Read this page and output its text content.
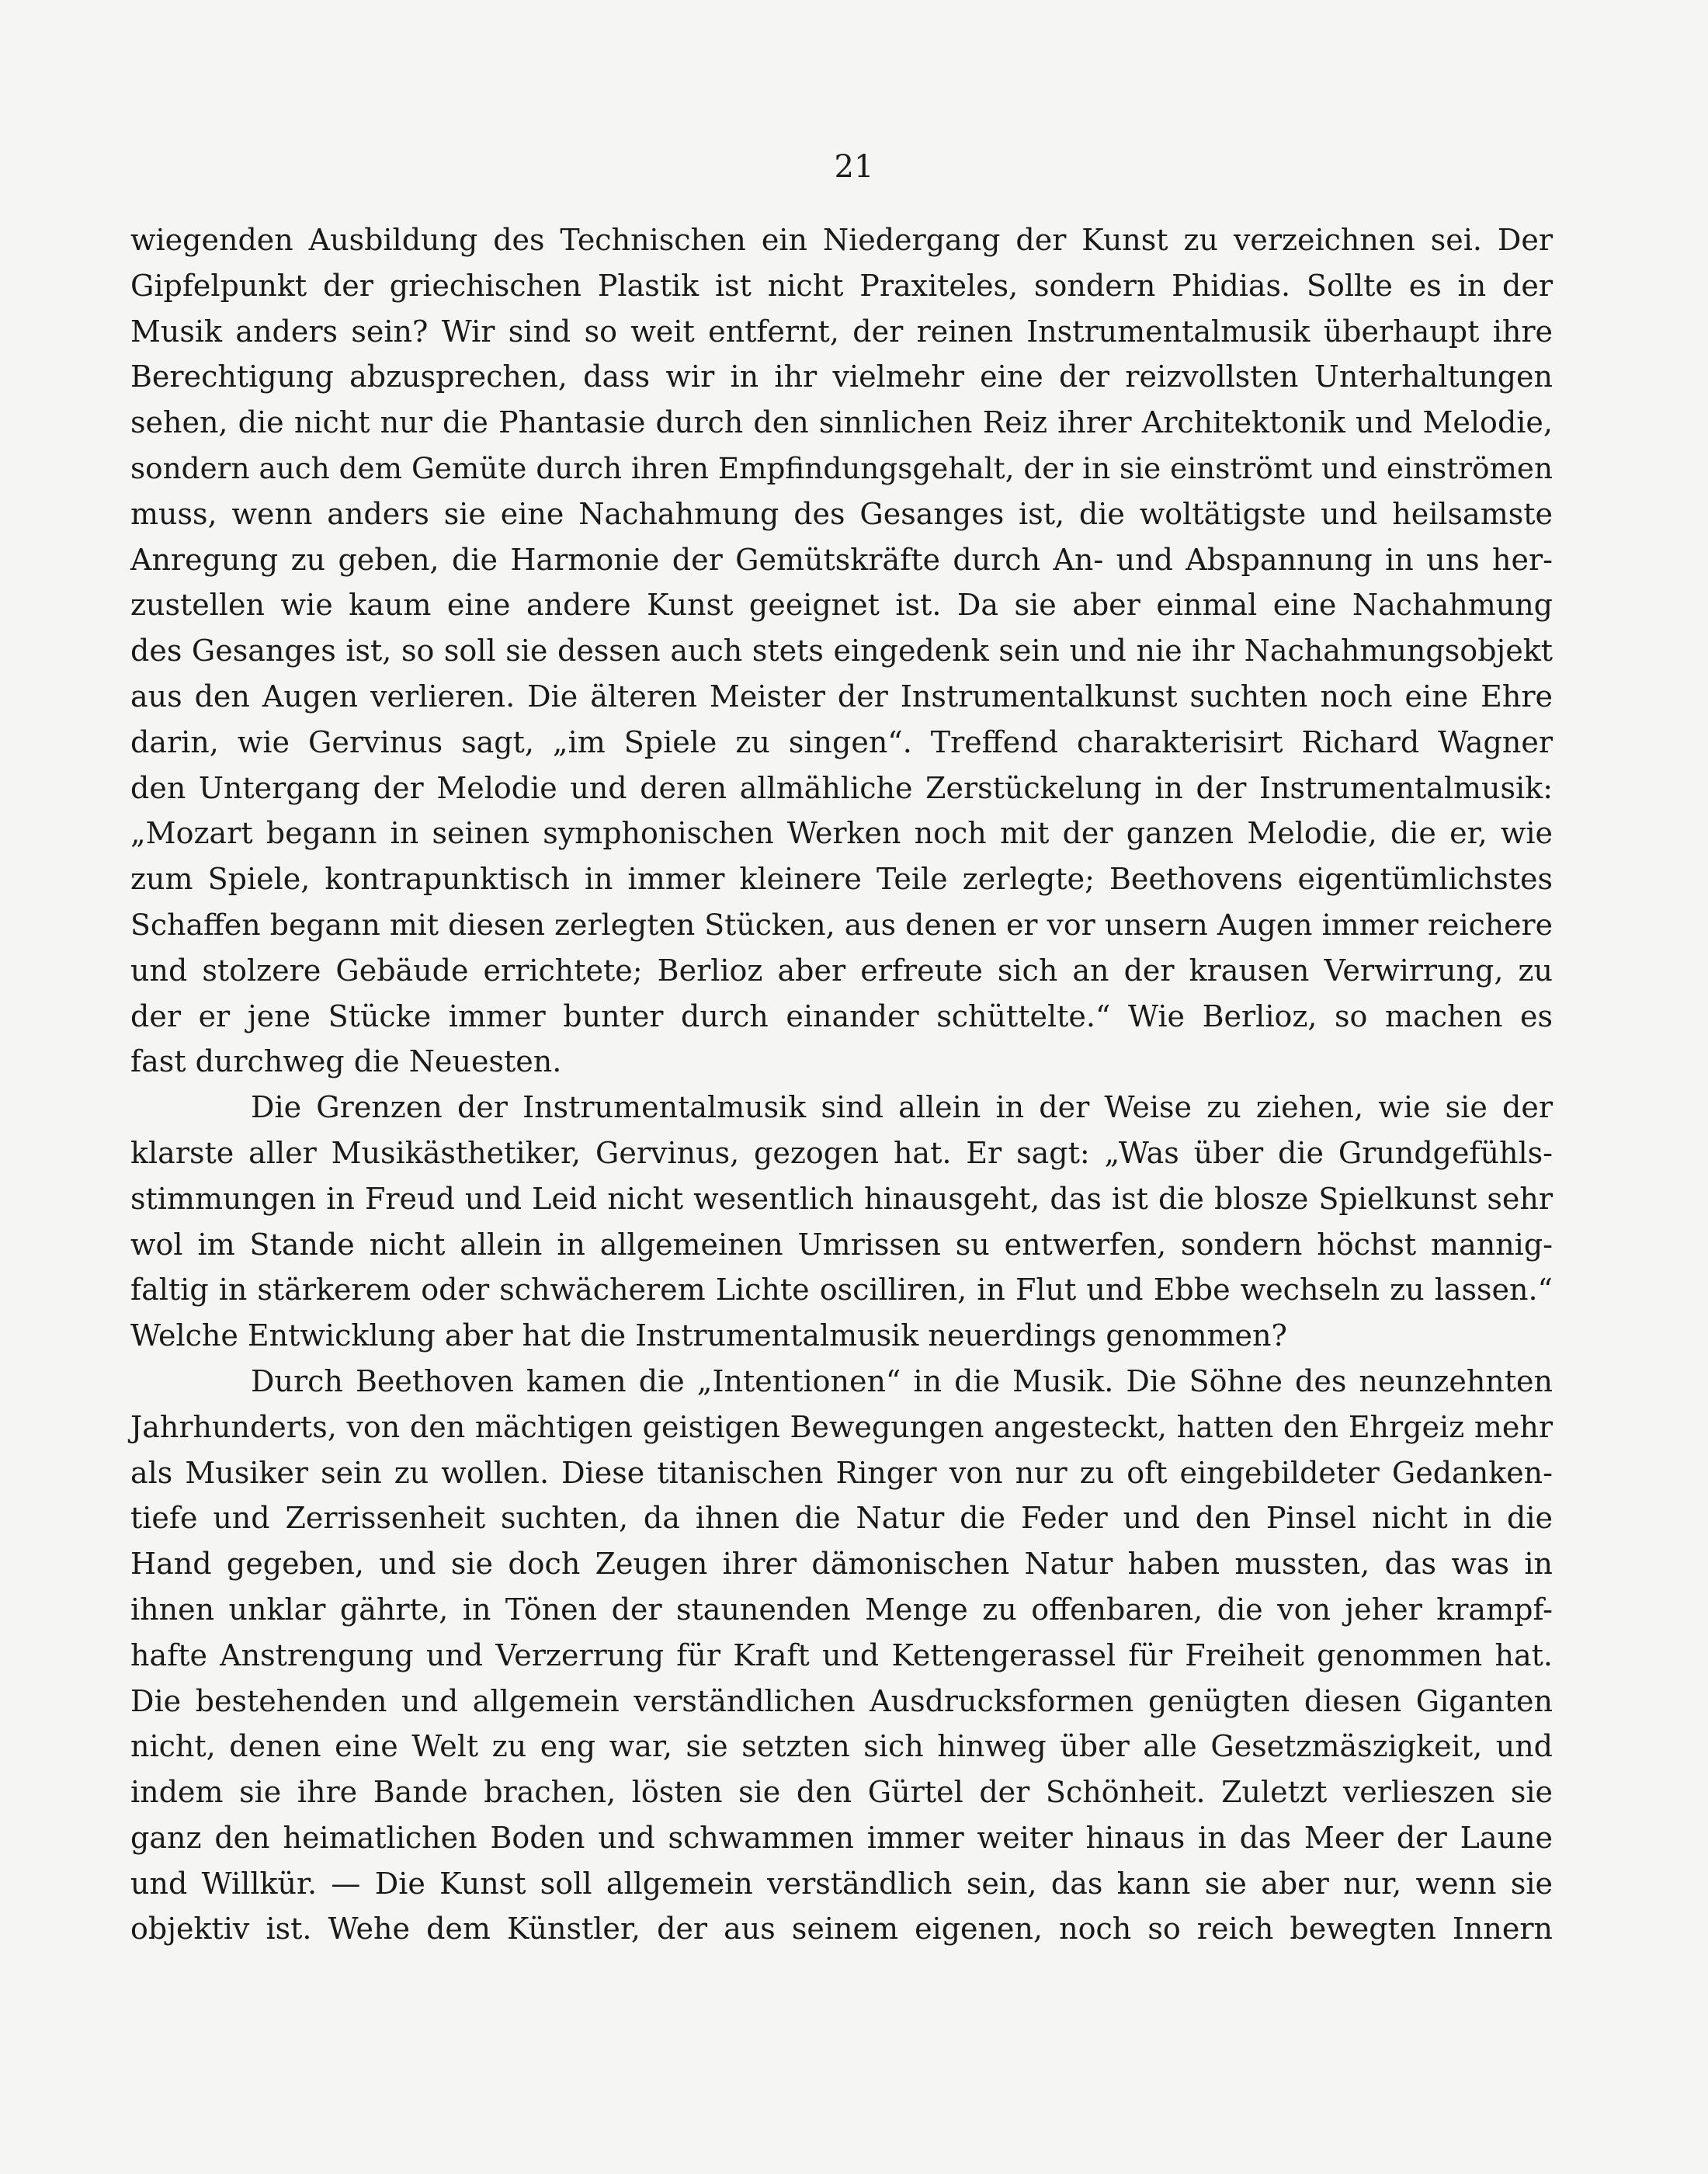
21
wiegenden Ausbildung des Technischen ein Niedergang der Kunst zu verzeichnen sei. Der
Gipfelpunkt der griechischen Plastik ist nicht Praxiteles, sondern Phidias. Sollte es in der
Musik anders sein? Wir sind so weit entfernt, der reinen Instrumentalmusik überhaupt ihre
Berechtigung abzusprechen, dass wir in ihr vielmehr eine der reizvollsten Unterhaltungen
sehen, die nicht nur die Phantasie durch den sinnlichen Reiz ihrer Architektonik und Melodie,
sondern auch dem Gemüte durch ihren Empfindungsgehalt, der in sie einströmt und einströmen
muss, wenn anders sie eine Nachahmung des Gesanges ist, die woltätigste und heilsamste
Anregung zu geben, die Harmonie der Gemütskräfte durch An- und Abspannung in uns her-
zustellen wie kaum eine andere Kunst geeignet ist. Da sie aber einmal eine Nachahmung
des Gesanges ist, so soll sie dessen auch stets eingedenk sein und nie ihr Nachahmungsobjekt
aus den Augen verlieren. Die älteren Meister der Instrumentalkunst suchten noch eine Ehre
darin, wie Gervinus sagt, „im Spiele zu singen“. Treffend charakterisirt Richard Wagner
den Untergang der Melodie und deren allmähliche Zerstückelung in der Instrumentalmusik:
„Mozart begann in seinen symphonischen Werken noch mit der ganzen Melodie, die er, wie
zum Spiele, kontrapunktisch in immer kleinere Teile zerlegte; Beethovens eigentümlichstes
Schaffen begann mit diesen zerlegten Stücken, aus denen er vor unsern Augen immer reichere
und stolzere Gebäude errichtete; Berlioz aber erfreute sich an der krausen Verwirrung, zu
der er jene Stücke immer bunter durch einander schüttelte.“ Wie Berlioz, so machen es
fast durchweg die Neuesten.
Die Grenzen der Instrumentalmusik sind allein in der Weise zu ziehen, wie sie der
klarste aller Musikästhetiker, Gervinus, gezogen hat. Er sagt: „Was über die Grundgefühls-
stimmungen in Freud und Leid nicht wesentlich hinausgeht, das ist die blosze Spielkunst sehr
wol im Stande nicht allein in allgemeinen Umrissen su entwerfen, sondern höchst mannig-
faltig in stärkerem oder schwächerem Lichte oscilliren, in Flut und Ebbe wechseln zu lassen.“
Welche Entwicklung aber hat die Instrumentalmusik neuerdings genommen?
Durch Beethoven kamen die „Intentionen“ in die Musik. Die Söhne des neunzehnten
Jahrhunderts, von den mächtigen geistigen Bewegungen angesteckt, hatten den Ehrgeiz mehr
als Musiker sein zu wollen. Diese titanischen Ringer von nur zu oft eingebildeter Gedanken-
tiefe und Zerrissenheit suchten, da ihnen die Natur die Feder und den Pinsel nicht in die
Hand gegeben, und sie doch Zeugen ihrer dämonischen Natur haben mussten, das was in
ihnen unklar gährte, in Tönen der staunenden Menge zu offenbaren, die von jeher krampf-
hafte Anstrengung und Verzerrung für Kraft und Kettengerassel für Freiheit genommen hat.
Die bestehenden und allgemein verständlichen Ausdrucksformen genügten diesen Giganten
nicht, denen eine Welt zu eng war, sie setzten sich hinweg über alle Gesetzmäszigkeit, und
indem sie ihre Bande brachen, lösten sie den Gürtel der Schönheit. Zuletzt verlieszen sie
ganz den heimatlichen Boden und schwammen immer weiter hinaus in das Meer der Laune
und Willkür. — Die Kunst soll allgemein verständlich sein, das kann sie aber nur, wenn sie
objektiv ist. Wehe dem Künstler, der aus seinem eigenen, noch so reich bewegten Innern
